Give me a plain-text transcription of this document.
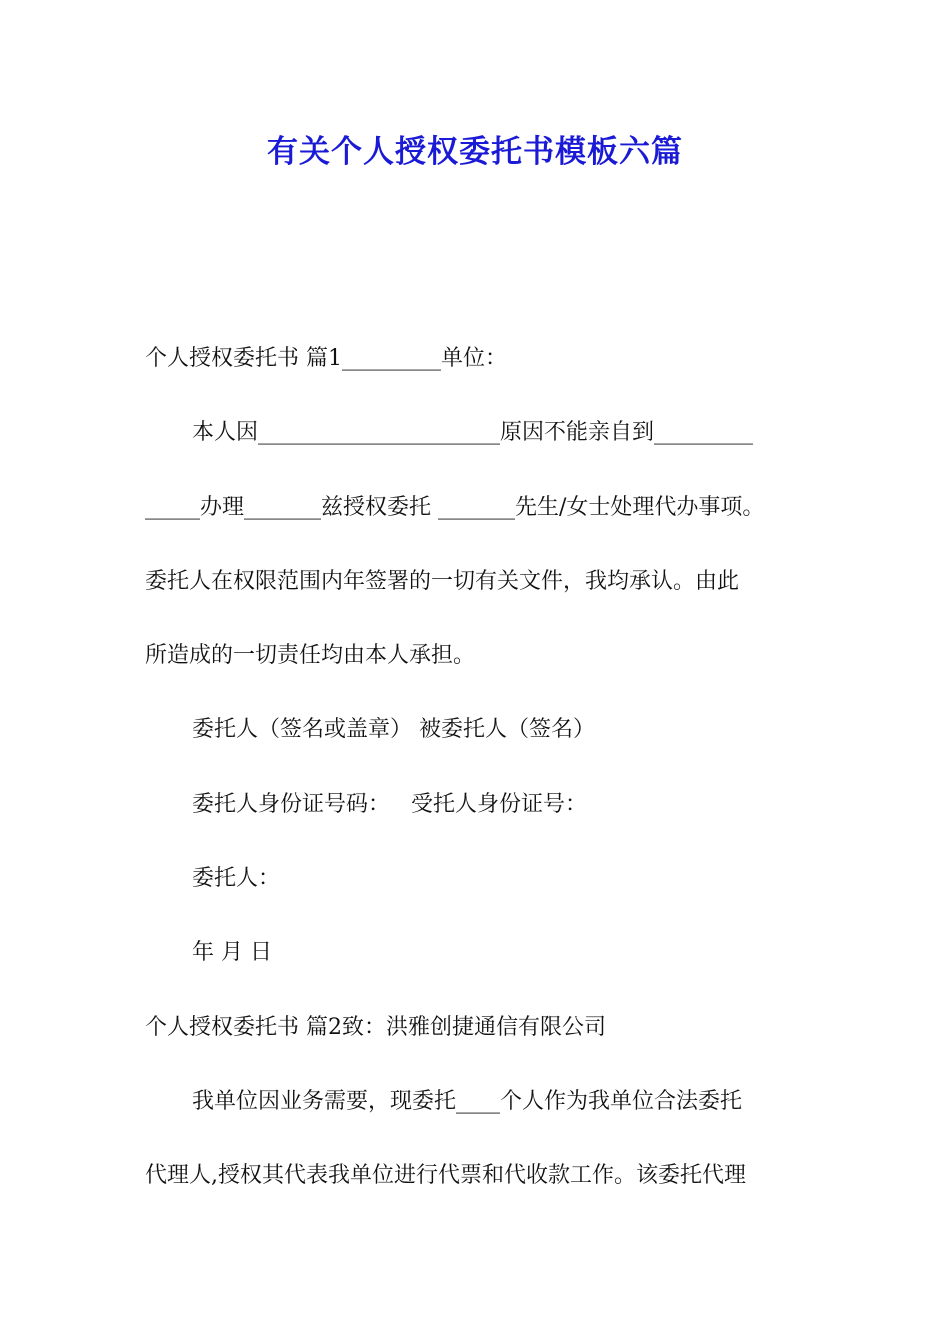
有关个人授权委托书模板六篇
个人授权委托书 篇1_________单位：
本人因______________________原因不能亲自到_________
_____办理_______兹授权委托 _______先生/女士处理代办事项。
委托人在权限范围内年签署的一切有关文件，我均承认。由此
所造成的一切责任均由本人承担。
委托人（签名或盖章） 被委托人（签名）
委托人身份证号码：   受托人身份证号：
委托人：
年 月 日
个人授权委托书 篇2致：洪雅创捷通信有限公司
我单位因业务需要，现委托____个人作为我单位合法委托
代理人,授权其代表我单位进行代票和代收款工作。该委托代理
